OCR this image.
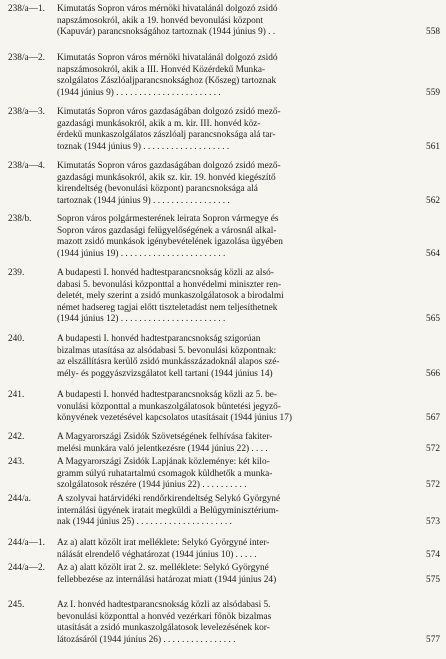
238/a—1. Kimutatás Sopron város mérnöki hivatalánál dolgozó zsidó
napszámosokról, akik a 19. honvéd bevonulási központ
(Kapuvár) parancsnokságához tartoznak (1944 június 9) . .	558
238/a—2. Kimutatás Sopron város mérnöki hivatalánál dolgozó zsidó
napszámosokról, akik a III. Honvéd Közérdekű Munka-
szolgálatos Zászlóaljparancsnoksághoz (Kőszeg) tartoznak
(1944 június 9) . . . . . . . . . . . . . . . . . . . . . . .	559
238/a—3. Kimutatás Sopron város gazdaságában dolgozó zsidó mező-
gazdasági munkásokról, akik a m. kir. III. honvéd köz-
érdekű munkaszolgálatos zászlóalj parancsnoksága alá tar-
toznak (1944 június 9) . . . . . . . . . . . . . . . . . . .	561
238/a—4. Kimutatás Sopron város gazdaságában dolgozó zsidó mező-
gazdasági munkásokról, akik sz. kir. 19. honvéd kiegészítő
kirendeltség (bevonulási központ) parancsnoksága alá
tartoznak (1944 június 9) . . . . . . . . . . . . . . . . .	562
238/b.	Sopron város polgármesterének leirata Sopron vármegye és
Sopron város gazdasági felügyelőségének a városnál alkal-
mazott zsidó munkások igénybevételének igazolása ügyében
(1944 június 19) . . . . . . . . . . . . . . . . . . . . . . .	564
239.	A budapesti I. honvéd hadtestparancsnokság közli az alsó-
dabasi 5. bevonulási központtal a honvédelmi miniszter ren-
deletét, mely szerint a zsidó munkaszolgálatosok a birodalmi
német hadsereg tagjai előtt tiszteletadást nem teljesíthetnek
(1944 június 12) . . . . . . . . . . . . . . . . . . . . . . .	565
240.	A budapesti I. honvéd hadtestparancsnokság szigorúan
bizalmas utasítása az alsódabasi 5. bevonulási központnak:
az elszállításra kerülő zsidó munkásszázadoknál alapos szé-
mély- és poggyászvizsgálatot kell tartani (1944 június 14)	566
241.	A budapesti I. honvéd hadtestparancsnokság közli az 5. be-
vonulási központtal a munkaszolgálatosok büntetési jegyző-
könyvének vezetésével kapcsolatos utasításait (1944 június 17)	567
242.	A Magyarországi Zsidók Szövetségének felhívása fakiter-
melési munkára való jelentkezésre (1944 június 22) . . . .	572
243.	A Magyarországi Zsidók Lapjának közleménye: két kilo-
gramm súlyú ruhatartalmú csomagok küldhetők a munka-
szolgálatosok részére (1944 június 22) . . . . . . . . . .	572
244/a.	A szolyvai határvidéki rendőrkirendeltség Selykó Györgyné
internálási ügyének iratait megküldi a Belügyminisztérium-
nak (1944 június 25) . . . . . . . . . . . . . . . . . . . . .	573
244/a—1. Az a) alatt közölt irat melléklete: Selykó Györgyné inter-
nálását elrendelő véghatározat (1944 június 10) . . . . .	574
244/a—2. Az a) alatt közölt irat 2. sz. melléklete: Selykó Györgyné
fellebbezése az internálási határozat miatt (1944 június 24)	575
245.	Az I. honvéd hadtestparancsnokság közli az alsódabasi 5.
bevonulási központtal a honvéd vezérkari főnök bizalmas
utasítását a zsidó munkaszolgálatosok levelezésének kor-
látozásáról (1944 június 26) . . . . . . . . . . . . . . . .	577
